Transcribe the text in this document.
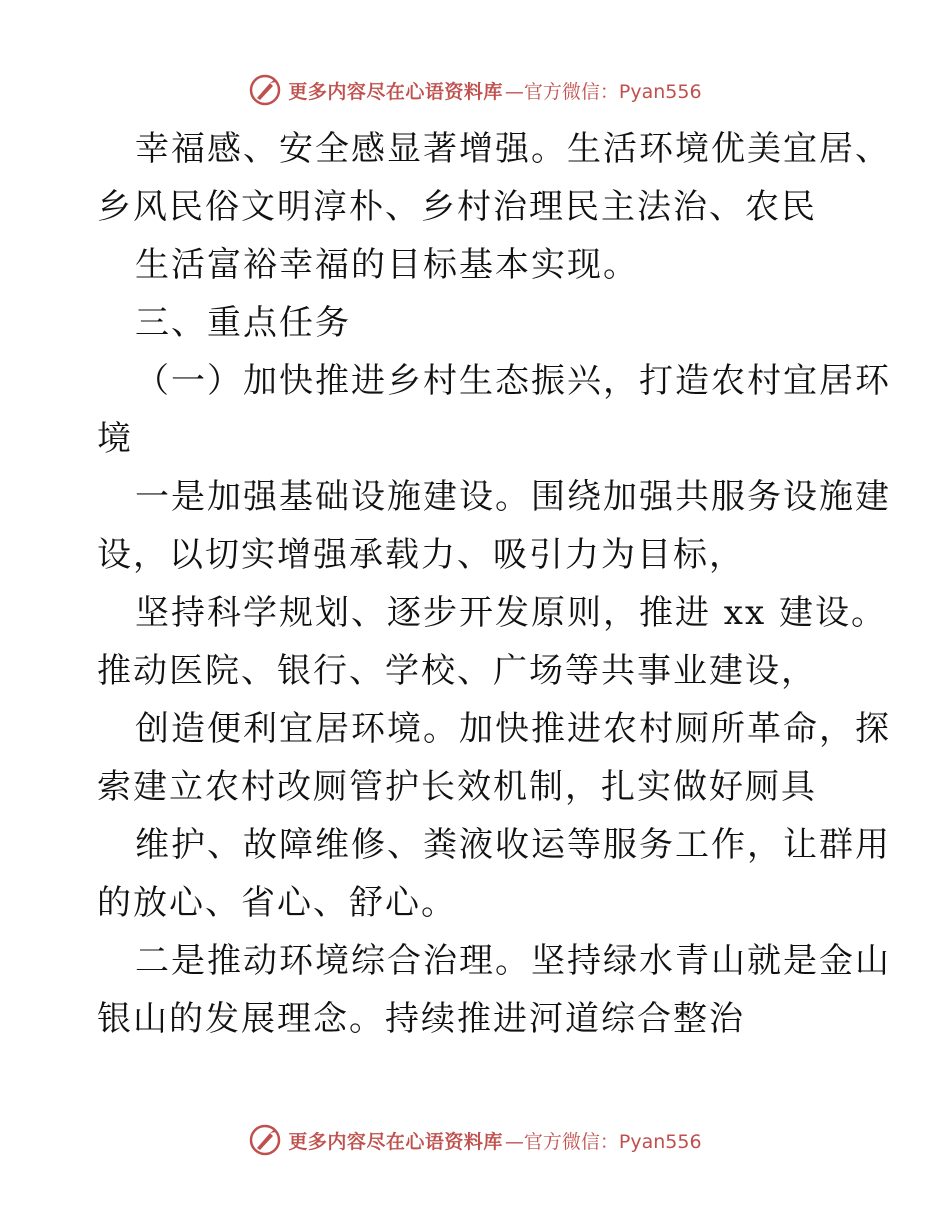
更多内容尽在心语资料库 —官方微信：Pyan556
幸福感、安全感显著增强。生活环境优美宜居、
乡风民俗文明淳朴、乡村治理民主法治、农民
生活富裕幸福的目标基本实现。
三、重点任务
（一）加快推进乡村生态振兴，打造农村宜居环
境
一是加强基础设施建设。围绕加强共服务设施建
设，以切实增强承载力、吸引力为目标，
坚持科学规划、逐步开发原则，推进 xx 建设。
推动医院、银行、学校、广场等共事业建设，
创造便利宜居环境。加快推进农村厕所革命，探
索建立农村改厕管护长效机制，扎实做好厕具
维护、故障维修、粪液收运等服务工作，让群用
的放心、省心、舒心。
二是推动环境综合治理。坚持绿水青山就是金山
银山的发展理念。持续推进河道综合整治
更多内容尽在心语资料库 —官方微信：Pyan556
